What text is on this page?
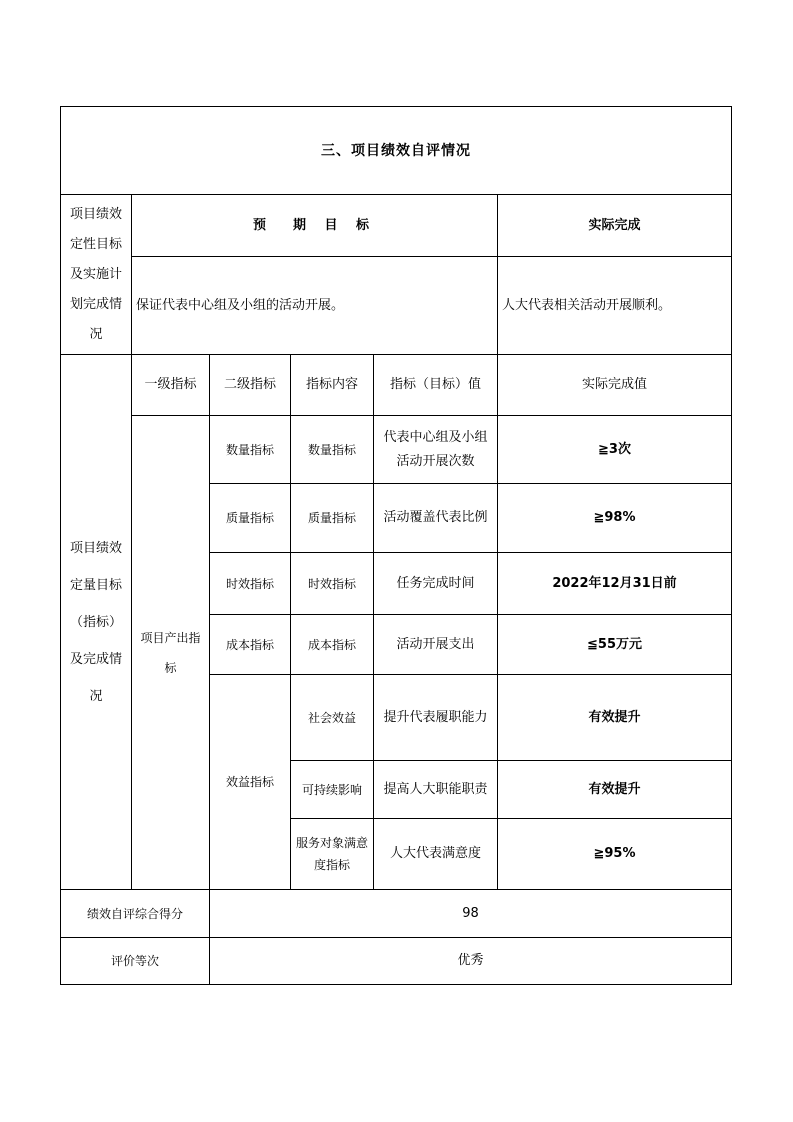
三、项目绩效自评情况					
项目绩效定性目标及实施计划完成情况	预　期 目 标				实际完成
	保证代表中心组及小组的活动开展。				人大代表相关活动开展顺利。
项目绩效定量目标（指标）及完成情况	一级指标	二级指标	指标内容	指标（目标）值	实际完成值
	项目产出指标	数量指标	数量指标	代表中心组及小组活动开展次数	≧3次
		质量指标	质量指标	活动覆盖代表比例	≧98%
		时效指标	时效指标	任务完成时间	2022年12月31日前
		成本指标	成本指标	活动开展支出	≦55万元
		效益指标	社会效益	提升代表履职能力	有效提升
			可持续影响	提高人大职能职责	有效提升
			服务对象满意度指标	人大代表满意度	≧95%
绩效自评综合得分		98			
评价等次		优秀			
